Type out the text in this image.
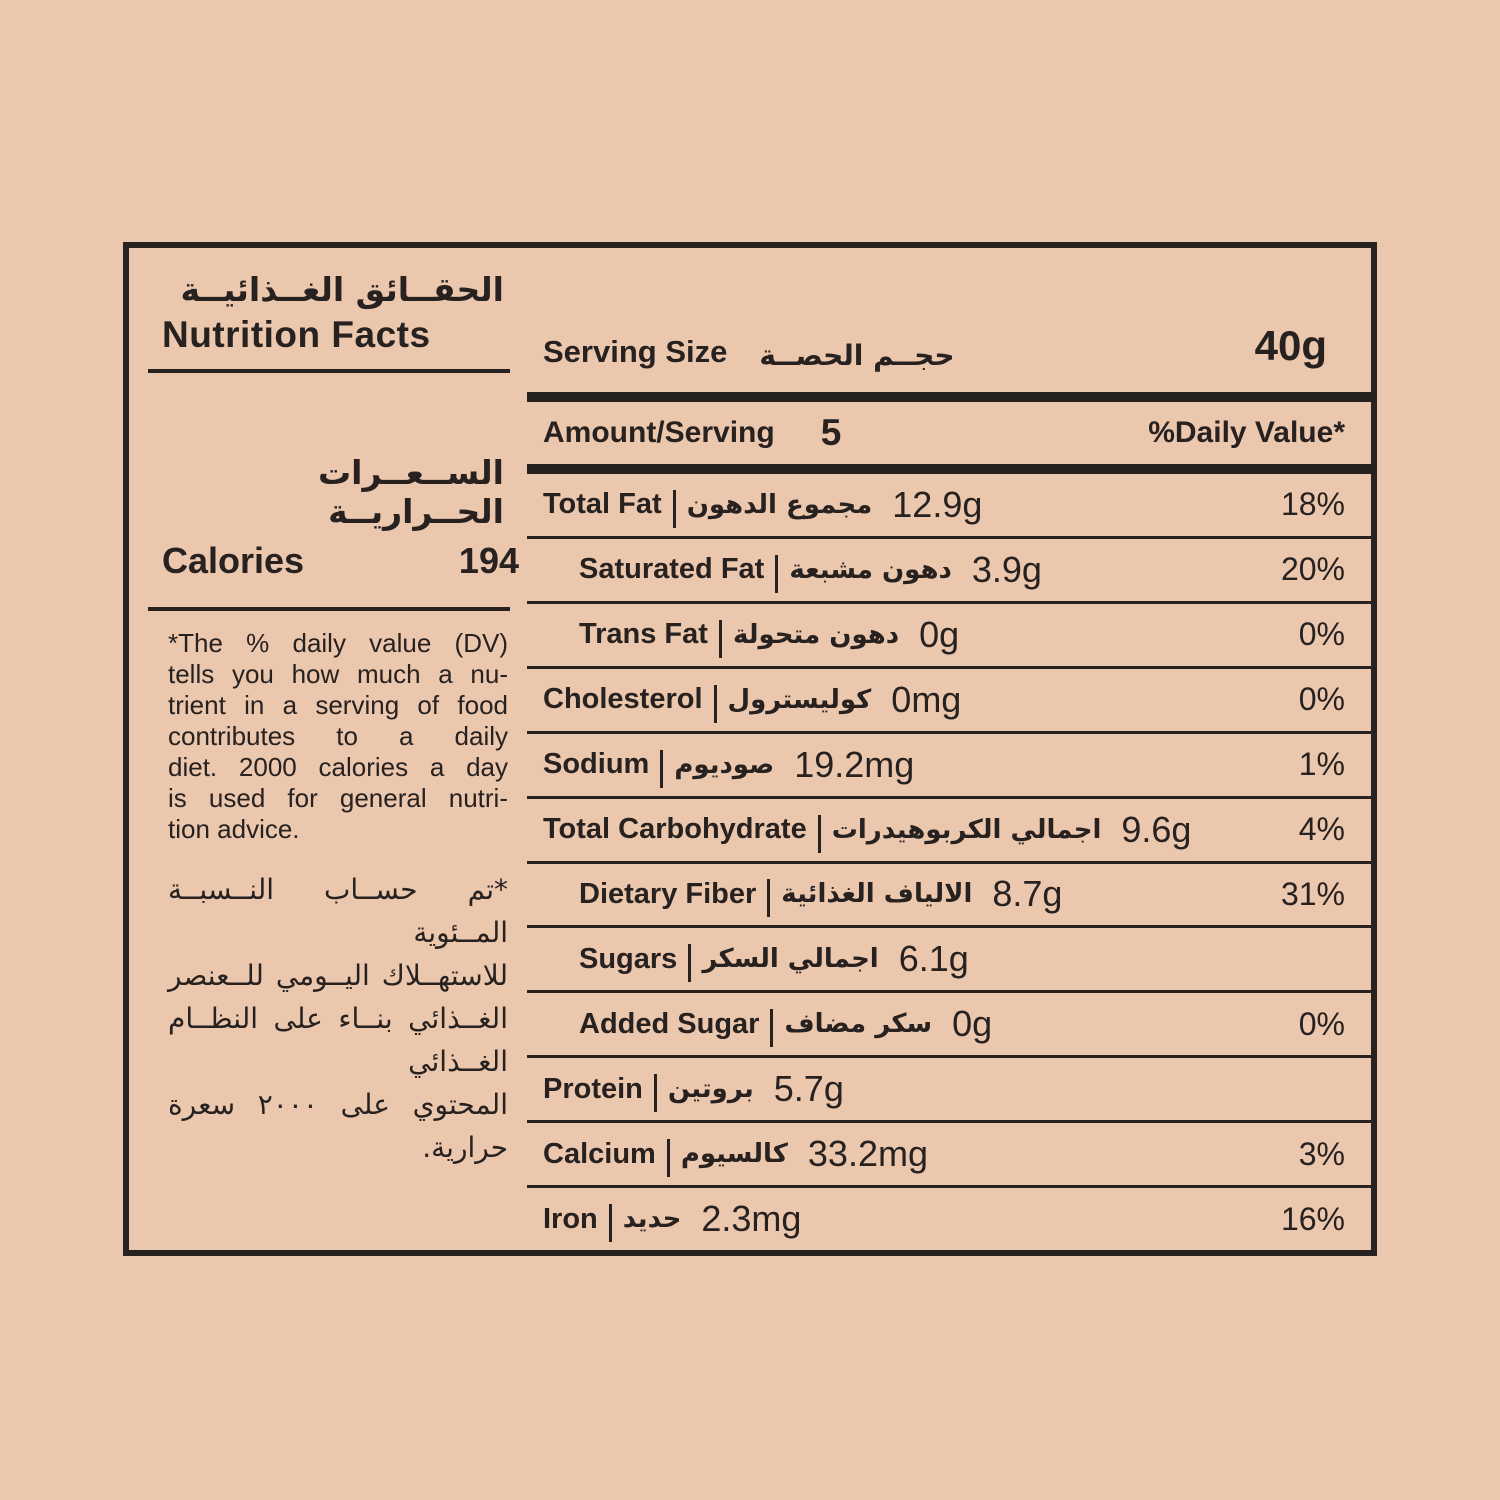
الحقــائق الغــذائيــة
Nutrition Facts
الســعــرات الحــراريــة
Calories	194
*The % daily value (DV)
tells you how much a nu-
trient in a serving of food
contributes to a daily
diet. 2000 calories a day
is used for general nutri-
tion advice.
*تم حســاب النــسبــة المــئوية
للاستهــلاك اليــومي للــعنصر
الغــذائي بنــاء على النظــام الغــذائي
المحتوي على ٢٠٠٠ سعرة حرارية.
Serving Size حجــم الحصــة	40g
Amount/Serving 5	%Daily Value*
Total Fat مجموع الدهون 12.9g	18%
Saturated Fat دهون مشبعة 3.9g	20%
Trans Fat دهون متحولة 0g	0%
Cholesterol كوليسترول 0mg	0%
Sodium صوديوم 19.2mg	1%
Total Carbohydrate اجمالي الكربوهيدرات 9.6g	4%
Dietary Fiber الالياف الغذائية 8.7g	31%
Sugars اجمالي السكر 6.1g
Added Sugar سكر مضاف 0g	0%
Protein بروتين 5.7g
Calcium كالسيوم 33.2mg	3%
Iron حديد 2.3mg	16%
